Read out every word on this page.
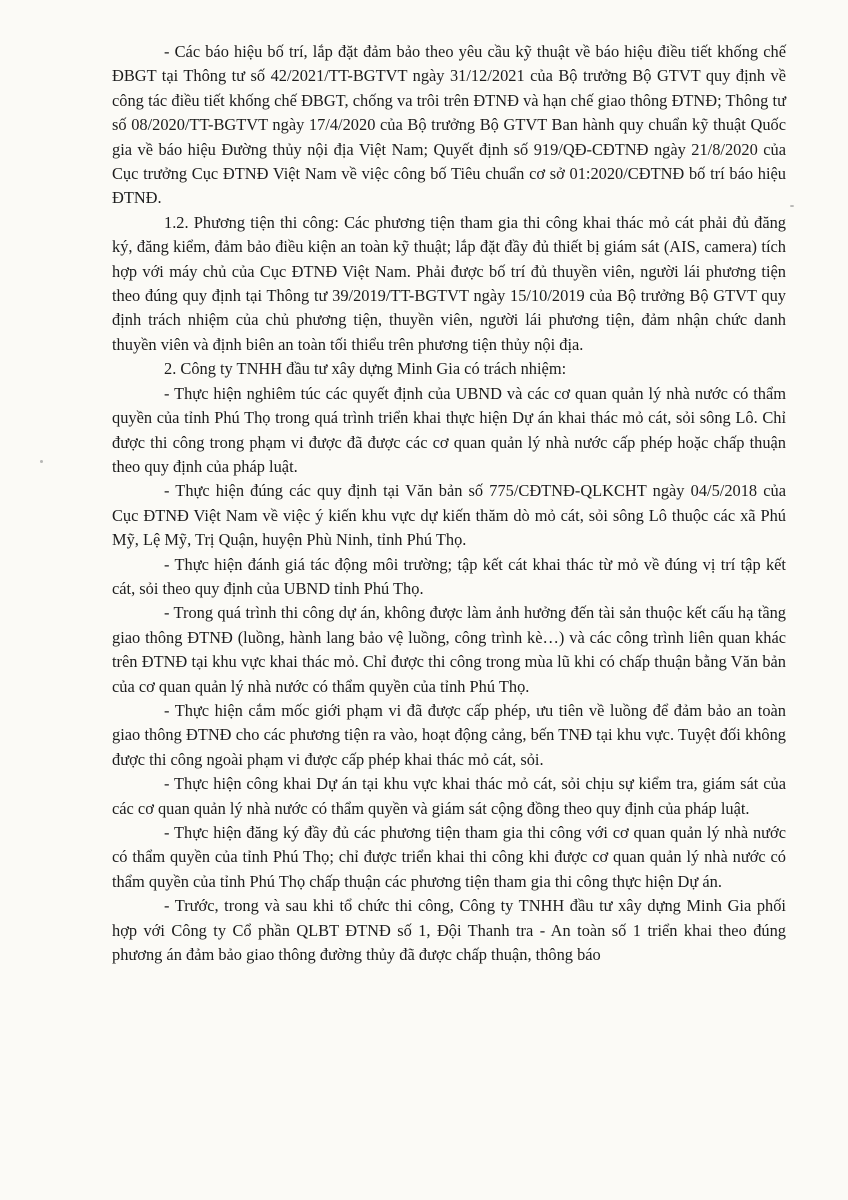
- Các báo hiệu bố trí, lắp đặt đảm bảo theo yêu cầu kỹ thuật về báo hiệu điều tiết khống chế ĐBGT tại Thông tư số 42/2021/TT-BGTVT ngày 31/12/2021 của Bộ trưởng Bộ GTVT quy định về công tác điều tiết khống chế ĐBGT, chống va trôi trên ĐTNĐ và hạn chế giao thông ĐTNĐ; Thông tư số 08/2020/TT-BGTVT ngày 17/4/2020 của Bộ trưởng Bộ GTVT Ban hành quy chuẩn kỹ thuật Quốc gia về báo hiệu Đường thủy nội địa Việt Nam; Quyết định số 919/QĐ-CĐTNĐ ngày 21/8/2020 của Cục trưởng Cục ĐTNĐ Việt Nam về việc công bố Tiêu chuẩn cơ sở 01:2020/CĐTNĐ bố trí báo hiệu ĐTNĐ.

1.2. Phương tiện thi công: Các phương tiện tham gia thi công khai thác mỏ cát phải đủ đăng ký, đăng kiểm, đảm bảo điều kiện an toàn kỹ thuật; lắp đặt đầy đủ thiết bị giám sát (AIS, camera) tích hợp với máy chủ của Cục ĐTNĐ Việt Nam. Phải được bố trí đủ thuyền viên, người lái phương tiện theo đúng quy định tại Thông tư 39/2019/TT-BGTVT ngày 15/10/2019 của Bộ trưởng Bộ GTVT quy định trách nhiệm của chủ phương tiện, thuyền viên, người lái phương tiện, đảm nhận chức danh thuyền viên và định biên an toàn tối thiểu trên phương tiện thủy nội địa.

2. Công ty TNHH đầu tư xây dựng Minh Gia có trách nhiệm:

- Thực hiện nghiêm túc các quyết định của UBND và các cơ quan quản lý nhà nước có thẩm quyền của tỉnh Phú Thọ trong quá trình triển khai thực hiện Dự án khai thác mỏ cát, sỏi sông Lô. Chỉ được thi công trong phạm vi được đã được các cơ quan quản lý nhà nước cấp phép hoặc chấp thuận theo quy định của pháp luật.

- Thực hiện đúng các quy định tại Văn bản số 775/CĐTNĐ-QLKCHT ngày 04/5/2018 của Cục ĐTNĐ Việt Nam về việc ý kiến khu vực dự kiến thăm dò mỏ cát, sỏi sông Lô thuộc các xã Phú Mỹ, Lệ Mỹ, Trị Quận, huyện Phù Ninh, tỉnh Phú Thọ.

- Thực hiện đánh giá tác động môi trường; tập kết cát khai thác từ mỏ về đúng vị trí tập kết cát, sỏi theo quy định của UBND tỉnh Phú Thọ.

- Trong quá trình thi công dự án, không được làm ảnh hưởng đến tài sản thuộc kết cấu hạ tầng giao thông ĐTNĐ (luồng, hành lang bảo vệ luồng, công trình kè…) và các công trình liên quan khác trên ĐTNĐ tại khu vực khai thác mỏ. Chỉ được thi công trong mùa lũ khi có chấp thuận bằng Văn bản của cơ quan quản lý nhà nước có thẩm quyền của tỉnh Phú Thọ.

- Thực hiện cắm mốc giới phạm vi đã được cấp phép, ưu tiên về luồng để đảm bảo an toàn giao thông ĐTNĐ cho các phương tiện ra vào, hoạt động cảng, bến TNĐ tại khu vực. Tuyệt đối không được thi công ngoài phạm vi được cấp phép khai thác mỏ cát, sỏi.

- Thực hiện công khai Dự án tại khu vực khai thác mỏ cát, sỏi chịu sự kiểm tra, giám sát của các cơ quan quản lý nhà nước có thẩm quyền và giám sát cộng đồng theo quy định của pháp luật.

- Thực hiện đăng ký đầy đủ các phương tiện tham gia thi công với cơ quan quản lý nhà nước có thẩm quyền của tỉnh Phú Thọ; chỉ được triển khai thi công khi được cơ quan quản lý nhà nước có thẩm quyền của tỉnh Phú Thọ chấp thuận các phương tiện tham gia thi công thực hiện Dự án.

- Trước, trong và sau khi tổ chức thi công, Công ty TNHH đầu tư xây dựng Minh Gia phối hợp với Công ty Cổ phần QLBT ĐTNĐ số 1, Đội Thanh tra - An toàn số 1 triển khai theo đúng phương án đảm bảo giao thông đường thủy đã được chấp thuận, thông báo
